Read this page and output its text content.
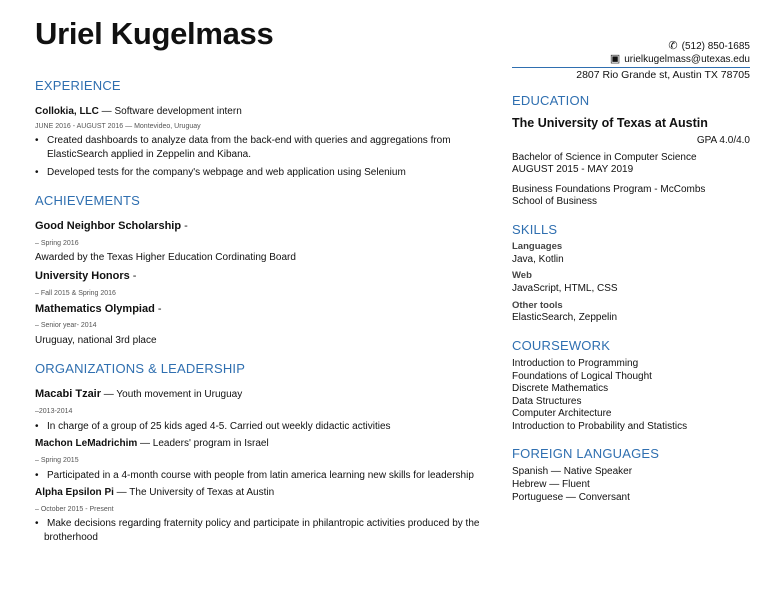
Uriel Kugelmass	✆ (512) 850-1685
▣ urielkugelmass@utexas.edu
2807 Rio Grande st, Austin TX 78705
EXPERIENCE
Collokia, LLC — Software development intern
JUNE 2016 - AUGUST 2016 — Montevideo, Uruguay
• Created dashboards to analyze data from the back-end with queries and aggregations from
ElasticSearch applied in Zeppelin and Kibana.
• Developed tests for the company's webpage and web application using Selenium
ACHIEVEMENTS
Good Neighbor Scholarship -
– Spring 2016
Awarded by the Texas Higher Education Cordinating Board
University Honors -
– Fall 2015 & Spring 2016
Mathematics Olympiad -
– Senior year- 2014
Uruguay, national 3rd place
ORGANIZATIONS & LEADERSHIP
Macabi Tzair — Youth movement in Uruguay
–2013-2014
• In charge of a group of 25 kids aged 4-5. Carried out weekly didactic activities
Machon LeMadrichim — Leaders' program in Israel
– Spring 2015
• Participated in a 4-month course with people from latin america learning new skills for leadership
Alpha Epsilon Pi — The University of Texas at Austin
– October 2015 - Present
• Make decisions regarding fraternity policy and participate in philantropic activities produced by the
brotherhood
EDUCATION
The University of Texas at Austin
GPA 4.0/4.0
Bachelor of Science in Computer Science
AUGUST 2015 - MAY 2019
Business Foundations Program - McCombs
School of Business
SKILLS
Languages
Java, Kotlin
Web
JavaScript, HTML, CSS
Other tools
ElasticSearch, Zeppelin
COURSEWORK
Introduction to Programming
Foundations of Logical Thought
Discrete Mathematics
Data Structures
Computer Architecture
Introduction to Probability and Statistics
FOREIGN LANGUAGES
Spanish — Native Speaker
Hebrew — Fluent
Portuguese — Conversant
